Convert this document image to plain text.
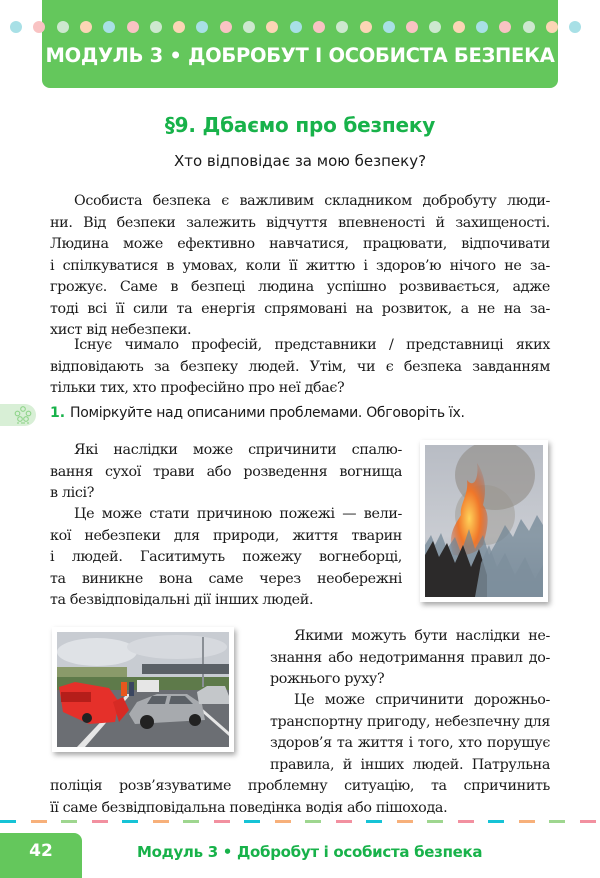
МОДУЛЬ 3 • ДОБРОБУТ І ОСОБИСТА БЕЗПЕКА
§9. Дбаємо про безпеку
Хто відповідає за мою безпеку?
Особиста безпека є важливим складником добробуту люди-
ни. Від безпеки залежить відчуття впевненості й захищеності.
Людина може ефективно навчатися, працювати, відпочивати
і спілкуватися в умовах, коли її життю і здоров’ю нічого не за-
грожує. Саме в безпеці людина успішно розвивається, адже
тоді всі її сили та енергія спрямовані на розвиток, а не на за-
хист від небезпеки.
Існує чимало професій, представники / представниці яких
відповідають за безпеку людей. Утім, чи є безпека завданням
тільки тих, хто професійно про неї дбає?
1. Поміркуйте над описаними проблемами. Обговоріть їх.
Які наслідки може спричинити спалю-
вання сухої трави або розведення вогнища
в лісі?
Це може стати причиною пожежі — вели-
кої небезпеки для природи, життя тварин
і людей. Гаситимуть пожежу вогнеборці,
та виникне вона саме через необережні
та безвідповідальні дії інших людей.
Якими можуть бути наслідки не-
знання або недотримання правил до-
рожнього руху?
Це може спричинити дорожньо-
транспортну пригоду, небезпечну для
здоров’я та життя і того, хто порушує
правила, й інших людей. Патрульна
поліція розв’язуватиме проблемну ситуацію, та спричинить
її саме безвідповідальна поведінка водія або пішохода.
42	Модуль 3 • Добробут і особиста безпека
